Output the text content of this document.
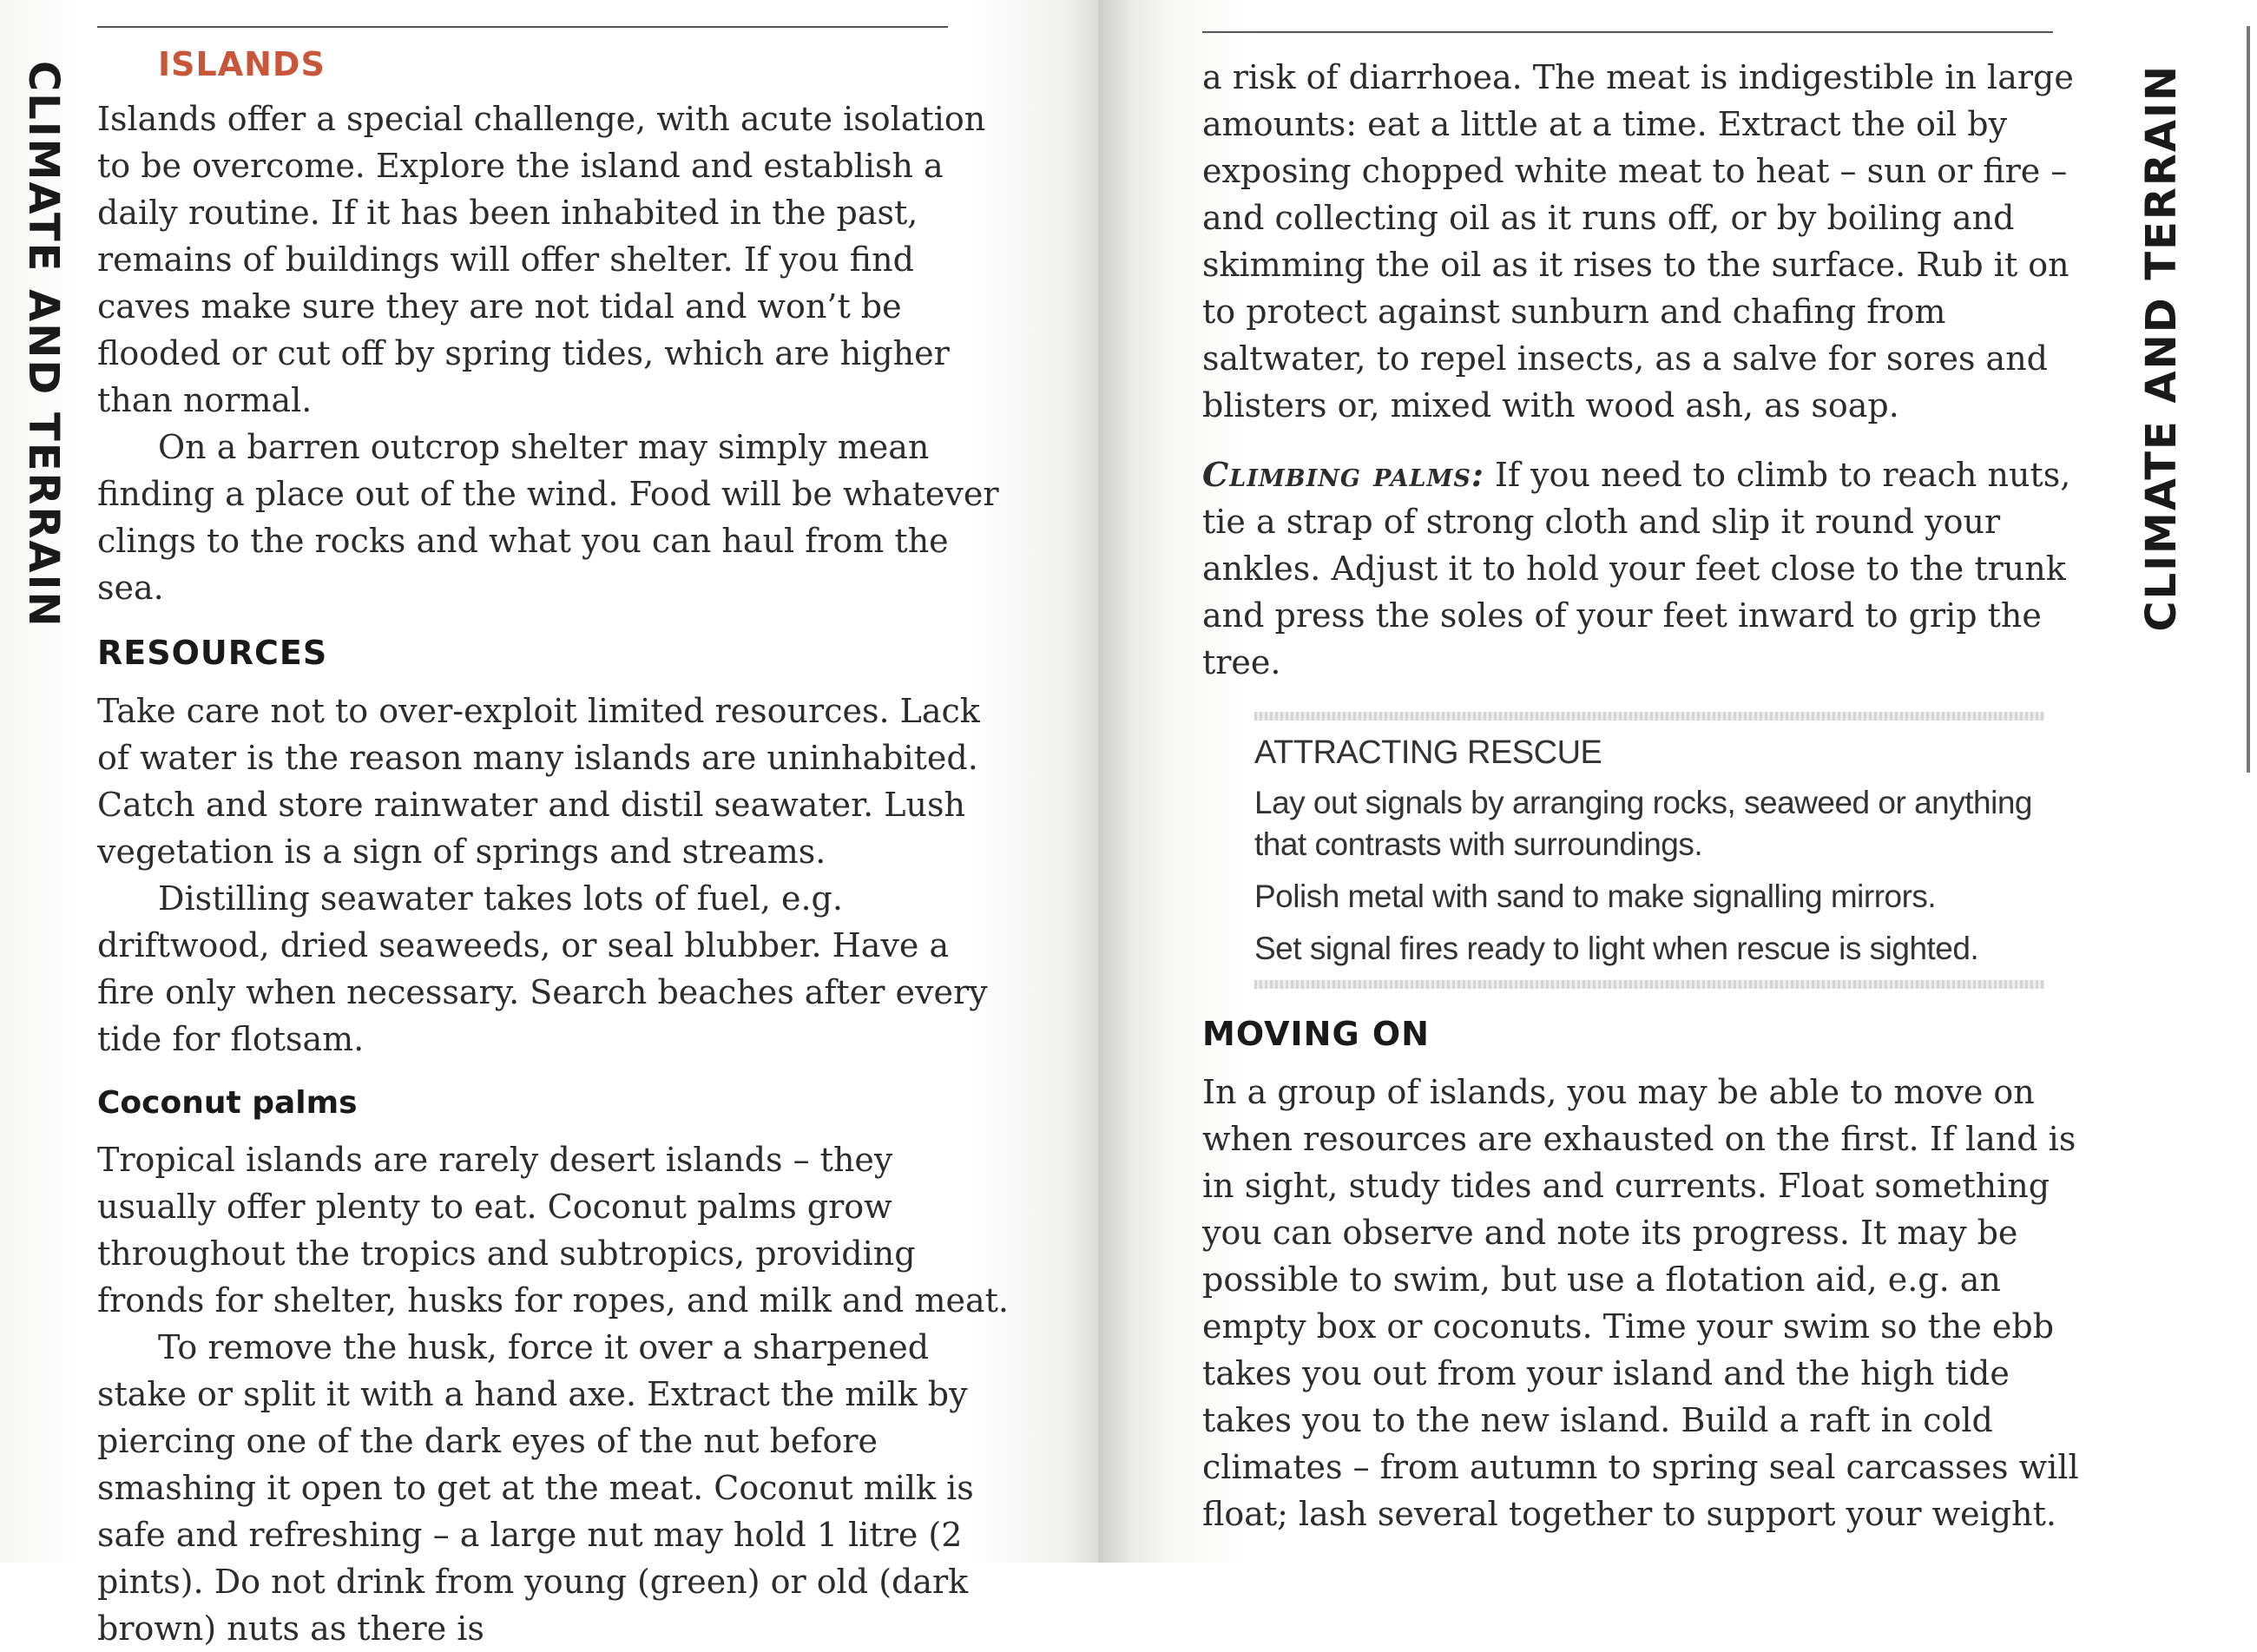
CLIMATE AND TERRAIN	CLIMATE AND TERRAIN
ISLANDS

Islands offer a special challenge, with acute isolation to be overcome. Explore the island and establish a daily routine. If it has been inhabited in the past, remains of buildings will offer shelter. If you find caves make sure they are not tidal and won’t be flooded or cut off by spring tides, which are higher than normal.

On a barren outcrop shelter may simply mean finding a place out of the wind. Food will be whatever clings to the rocks and what you can haul from the sea.

RESOURCES

Take care not to over-exploit limited resources. Lack of water is the reason many islands are uninhabited. Catch and store rainwater and distil seawater. Lush vegetation is a sign of springs and streams.

Distilling seawater takes lots of fuel, e.g. driftwood, dried seaweeds, or seal blubber. Have a fire only when necessary. Search beaches after every tide for flotsam.

Coconut palms

Tropical islands are rarely desert islands – they usually offer plenty to eat. Coconut palms grow throughout the tropics and subtropics, providing fronds for shelter, husks for ropes, and milk and meat.

To remove the husk, force it over a sharpened stake or split it with a hand axe. Extract the milk by piercing one of the dark eyes of the nut before smashing it open to get at the meat. Coconut milk is safe and refreshing – a large nut may hold 1 litre (2 pints). Do not drink from young (green) or old (dark brown) nuts as there is

a risk of diarrhoea. The meat is indigestible in large amounts: eat a little at a time. Extract the oil by exposing chopped white meat to heat – sun or fire – and collecting oil as it runs off, or by boiling and skimming the oil as it rises to the surface. Rub it on to protect against sunburn and chafing from saltwater, to repel insects, as a salve for sores and blisters or, mixed with wood ash, as soap.

Climbing palms: If you need to climb to reach nuts, tie a strap of strong cloth and slip it round your ankles. Adjust it to hold your feet close to the trunk and press the soles of your feet inward to grip the tree.

ATTRACTING RESCUE

Lay out signals by arranging rocks, seaweed or anything that contrasts with surroundings.

Polish metal with sand to make signalling mirrors.

Set signal fires ready to light when rescue is sighted.

MOVING ON

In a group of islands, you may be able to move on when resources are exhausted on the first. If land is in sight, study tides and currents. Float something you can observe and note its progress. It may be possible to swim, but use a flotation aid, e.g. an empty box or coconuts. Time your swim so the ebb takes you out from your island and the high tide takes you to the new island. Build a raft in cold climates – from autumn to spring seal carcasses will float; lash several together to support your weight.
